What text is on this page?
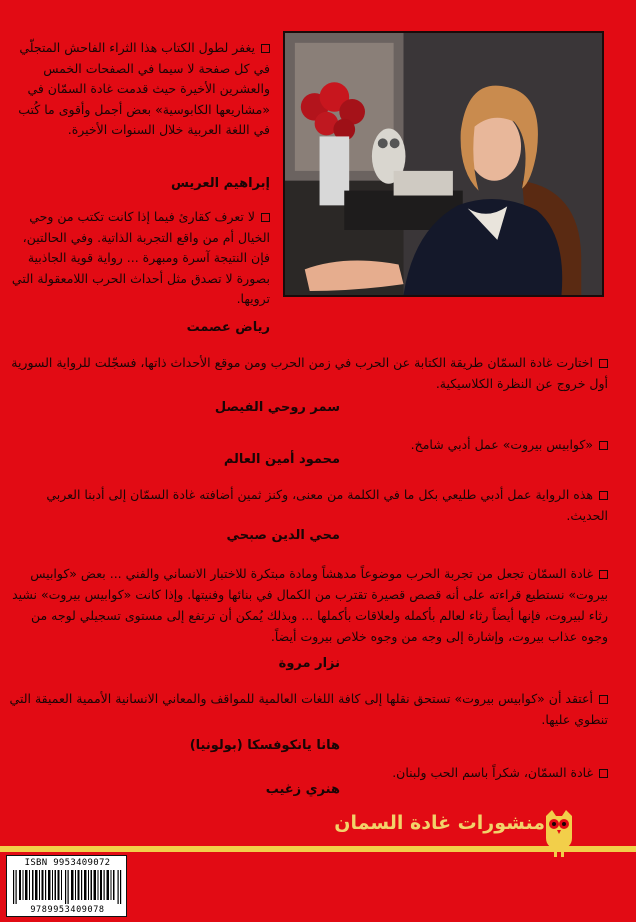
يغفر لطول الكتاب هذا الثراء الفاحش المتجلّي في كل صفحة لا سيما في الصفحات الخمس والعشرين الأخيرة حيث قدمت غادة السمّان في «مشاريعها الكابوسية» بعض أجمل وأقوى ما كُتب في اللغة العربية خلال السنوات الأخيرة.
إبراهيم العريس
لا تعرف كقارئ فيما إذا كانت تكتب من وحي الخيال أم من واقع التجربة الذاتية. وفي الحالتين، فإن النتيجة آسرة ومبهرة ... رواية قوية الجاذبية بصورة لا تصدق مثل أحداث الحرب اللامعقولة التي ترويها.
رياض عصمت
اختارت غادة السمّان طريقة الكتابة عن الحرب في زمن الحرب ومن موقع الأحداث ذاتها، فسجّلت للرواية السورية أول خروج عن النظرة الكلاسيكية.
سمر روحي الفيصل
«كوابيس بيروت» عمل أدبي شامخ.
محمود أمين العالم
هذه الرواية عمل أدبي طليعي بكل ما في الكلمة من معنى، وكنز ثمين أضافته غادة السمّان إلى أدبنا العربي الحديث.
محي الدين صبحي
غادة السمّان تجعل من تجربة الحرب موضوعاً مدهشاً ومادة مبتكرة للاختبار الانساني والفني ... بعض «كوابيس بيروت» نستطيع قراءته على أنه قصص قصيرة تقترب من الكمال في بنائها وفنيتها. وإذا كانت «كوابيس بيروت» نشيد رثاء لبيروت، فإنها أيضاً رثاء لعالم بأكمله ولعلاقات بأكملها ... وبذلك يُمكن أن ترتفع إلى مستوى تسجيلي لوجه من وجوه عذاب بيروت، وإشارة إلى وجه من وجوه خلاص بيروت أيضاً.
نزار مروة
أعتقد أن «كوابيس بيروت» تستحق نقلها إلى كافة اللغات العالمية للمواقف والمعاني الانسانية الأممية العميقة التي تنطوي عليها.
هانا يانكوفسكا (بولونيا)
غادة السمّان، شكراً باسم الحب ولبنان.
هنري زغيب
منشورات غادة السمان
ISBN 9953409072
9789953409078
